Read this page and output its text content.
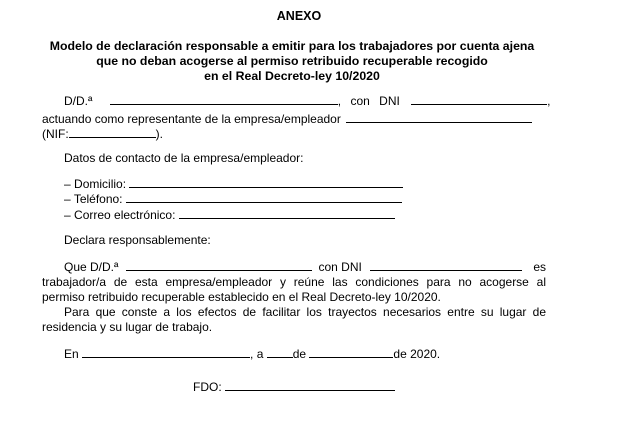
ANEXO
Modelo de declaración responsable a emitir para los trabajadores por cuenta ajena
que no deban acogerse al permiso retribuido recuperable recogido
en el Real Decreto-ley 10/2020
D/D.ª	, con DNI	,
actuando como representante de la empresa/empleador
(NIF:	).
Datos de contacto de la empresa/empleador:
– Domicilio:
– Teléfono:
– Correo electrónico:
Declara responsablemente:
Que D/D.ª	con DNI	es
trabajador/a de esta empresa/empleador y reúne las condiciones para no acogerse al
permiso retribuido recuperable establecido en el Real Decreto-ley 10/2020.
Para que conste a los efectos de facilitar los trayectos necesarios entre su lugar de
residencia y su lugar de trabajo.
En	, a de	de 2020.
FDO:
